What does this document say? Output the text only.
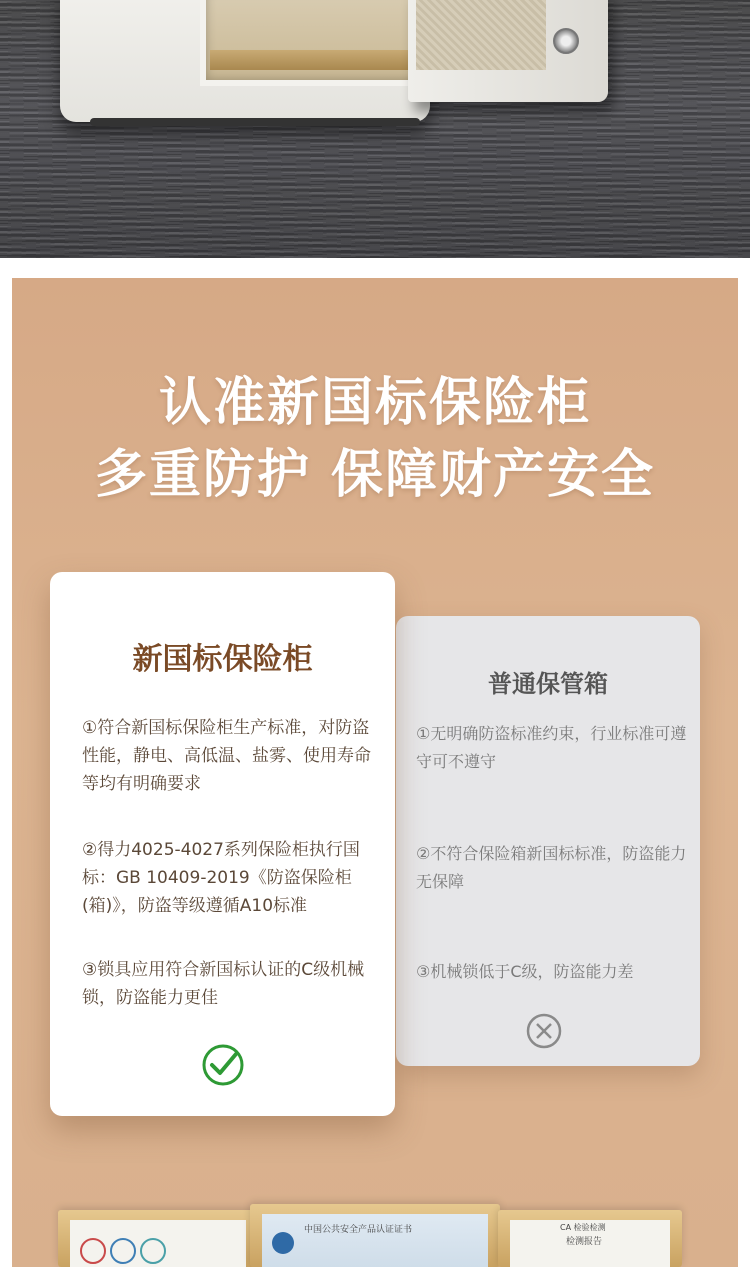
认准新国标保险柜
多重防护 保障财产安全
普通保管箱

①无明确防盗标准约束，行业标准可遵守可不遵守

②不符合保险箱新国标标准，防盗能力无保障

③机械锁低于C级，防盗能力差

新国标保险柜

①符合新国标保险柜生产标准，对防盗性能，静电、高低温、盐雾、使用寿命等均有明确要求

②得力4025-4027系列保险柜执行国标：GB 10409-2019《防盗保险柜(箱)》，防盗等级遵循A10标准

③锁具应用符合新国标认证的C级机械锁，防盗能力更佳

中国公共安全产品认证证书	CA 检验检测
检测报告
